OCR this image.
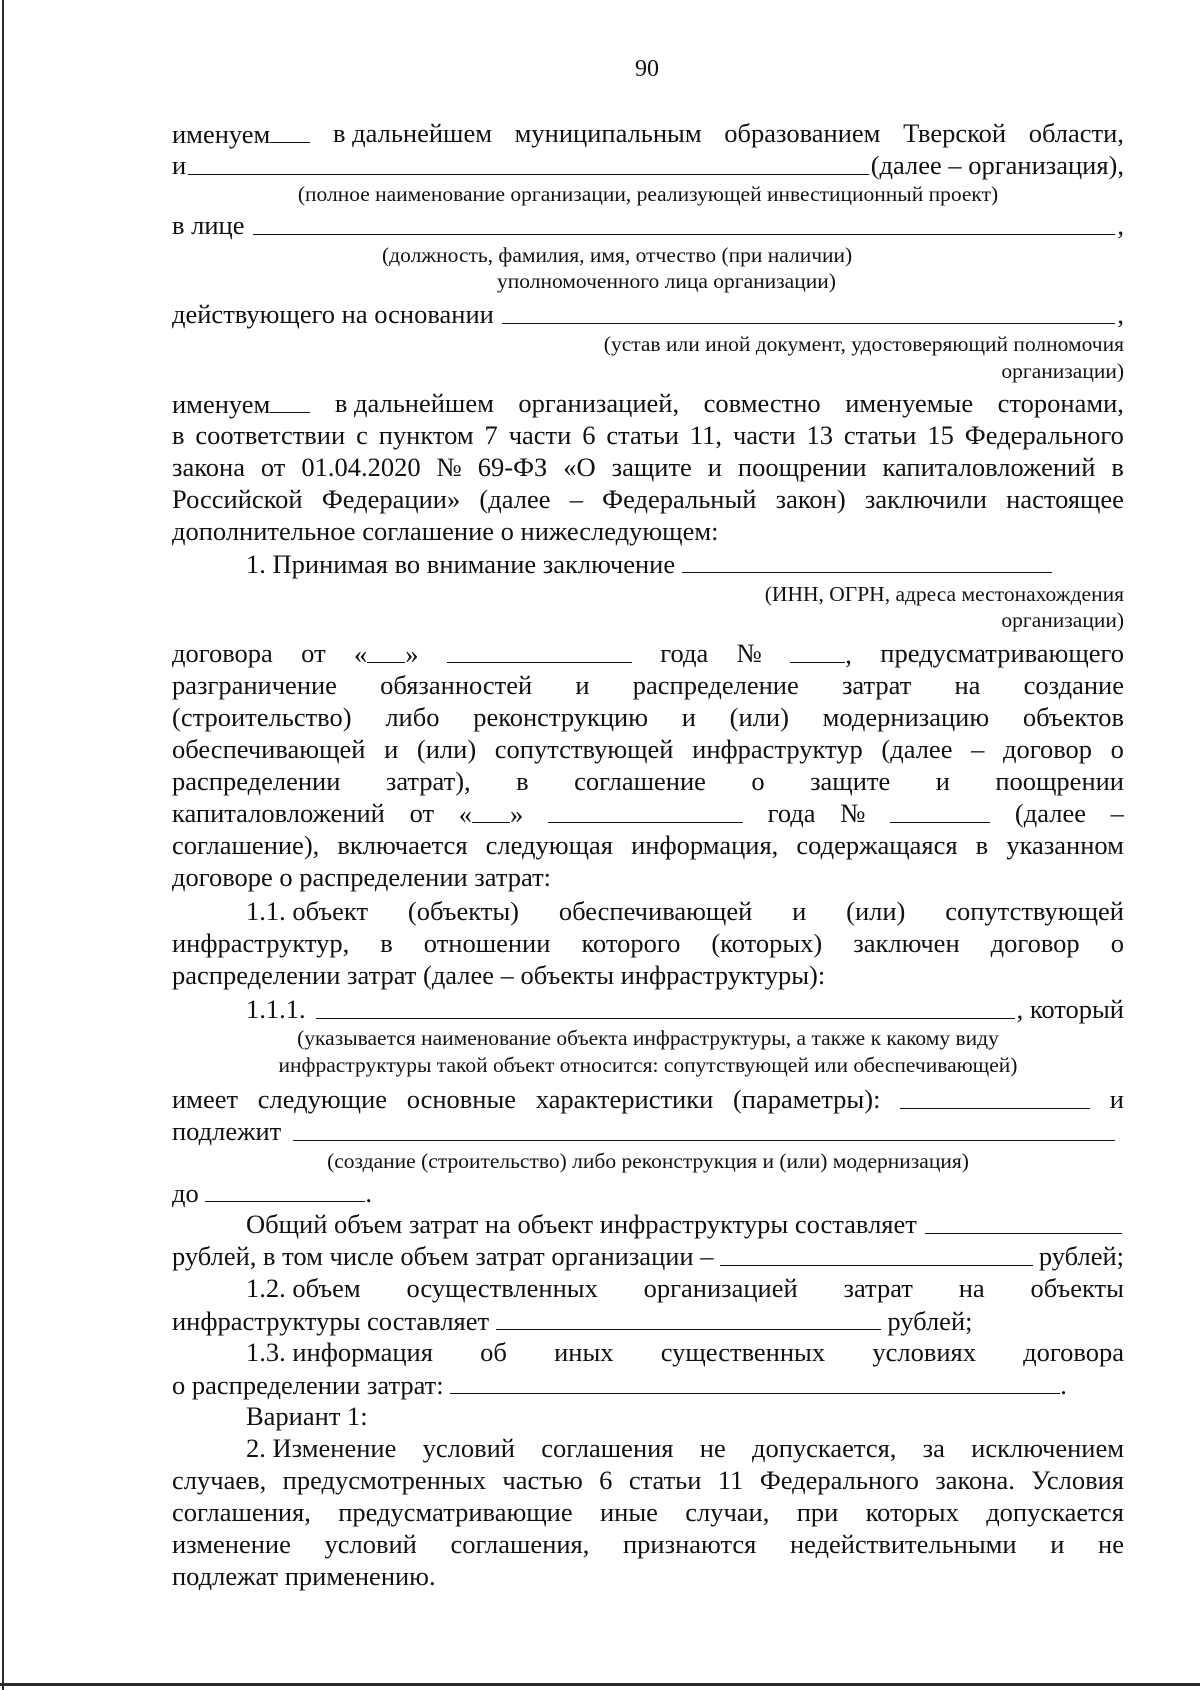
90
именуем	в дальнейшем муниципальным образованием Тверской области,
и	(далее – организация),
(полное наименование организации, реализующей инвестиционный проект)
в лице	,
(должность, фамилия, имя, отчество (при наличии)
уполномоченного лица организации)
действующего на основании	,
(устав или иной документ, удостоверяющий полномочия
организации)
именуем	в дальнейшем организацией, совместно именуемые сторонами,
в соответствии с пунктом 7 части 6 статьи 11, части 13 статьи 15 Федерального
закона от 01.04.2020 № 69-ФЗ «О защите и поощрении капиталовложений в
Российской Федерации» (далее – Федеральный закон) заключили настоящее
дополнительное соглашение о нижеследующем:
1. Принимая во внимание заключение
(ИНН, ОГРН, адреса местонахождения
организации)
договора от « »	года №	, предусматривающего
разграничение обязанностей и распределение затрат на создание
(строительство) либо реконструкцию и (или) модернизацию объектов
обеспечивающей и (или) сопутствующей инфраструктур (далее – договор о
распределении затрат), в соглашение о защите и поощрении
капиталовложений от « »	года №	(далее –
соглашение), включается следующая информация, содержащаяся в указанном
договоре о распределении затрат:
1.1. объект (объекты) обеспечивающей и (или) сопутствующей
инфраструктур, в отношении которого (которых) заключен договор о
распределении затрат (далее – объекты инфраструктуры):
1.1.1.	, который
(указывается наименование объекта инфраструктуры, а также к какому виду
инфраструктуры такой объект относится: сопутствующей или обеспечивающей)
имеет следующие основные характеристики (параметры):	и
подлежит
(создание (строительство) либо реконструкция и (или) модернизация)
до	.
Общий объем затрат на объект инфраструктуры составляет
рублей, в том числе объем затрат организации –	рублей;
1.2. объем осуществленных организацией затрат на объекты
инфраструктуры составляет	рублей;
1.3. информация об иных существенных условиях договора
о распределении затрат:	.
Вариант 1:
2. Изменение условий соглашения не допускается, за исключением
случаев, предусмотренных частью 6 статьи 11 Федерального закона. Условия
соглашения, предусматривающие иные случаи, при которых допускается
изменение условий соглашения, признаются недействительными и не
подлежат применению.
